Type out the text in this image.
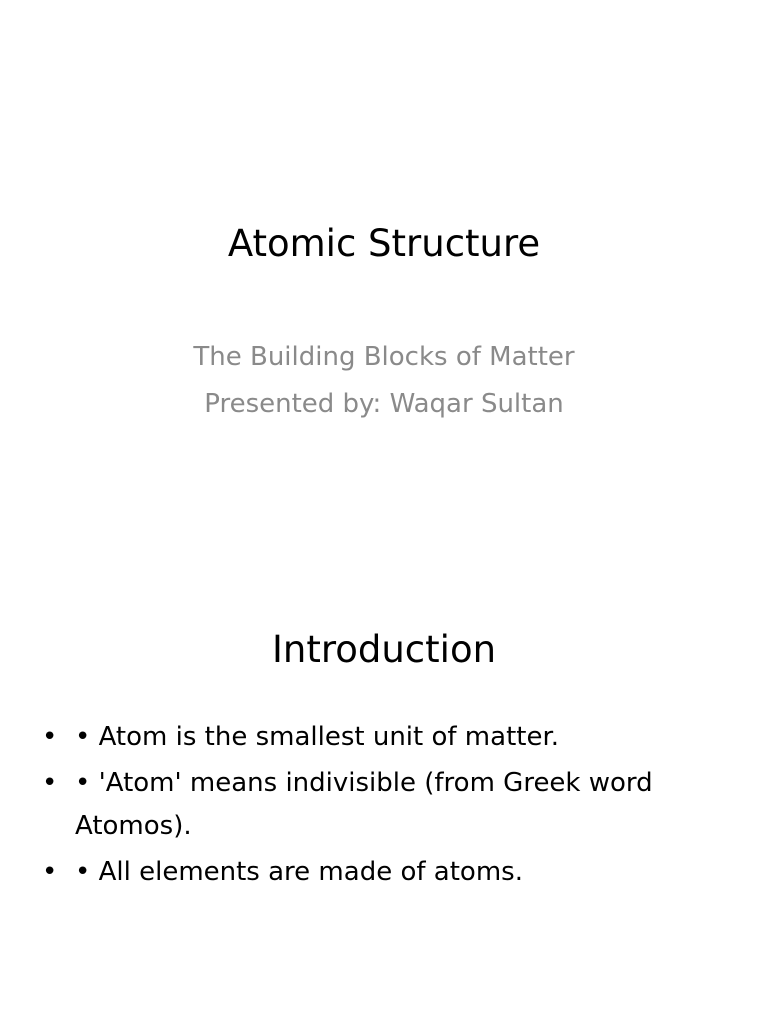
Atomic Structure
The Building Blocks of Matter
Presented by: Waqar Sultan
Introduction
• • Atom is the smallest unit of matter.
• • 'Atom' means indivisible (from Greek word Atomos).
• • All elements are made of atoms.
